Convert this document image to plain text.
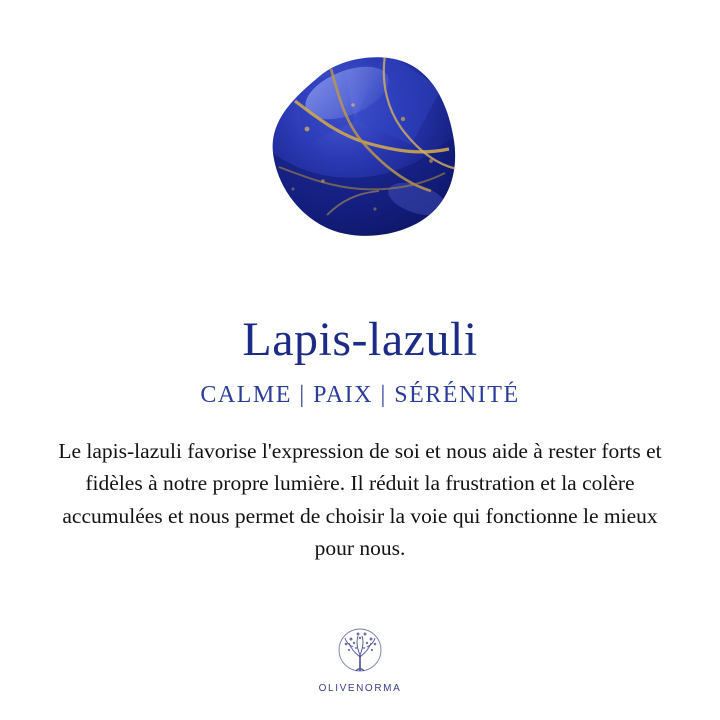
Lapis-lazuli
CALME | PAIX | SÉRÉNITÉ
Le lapis-lazuli favorise l'expression de soi et nous aide à rester forts et fidèles à notre propre lumière. Il réduit la frustration et la colère accumulées et nous permet de choisir la voie qui fonctionne le mieux pour nous.
OLIVENORMA
